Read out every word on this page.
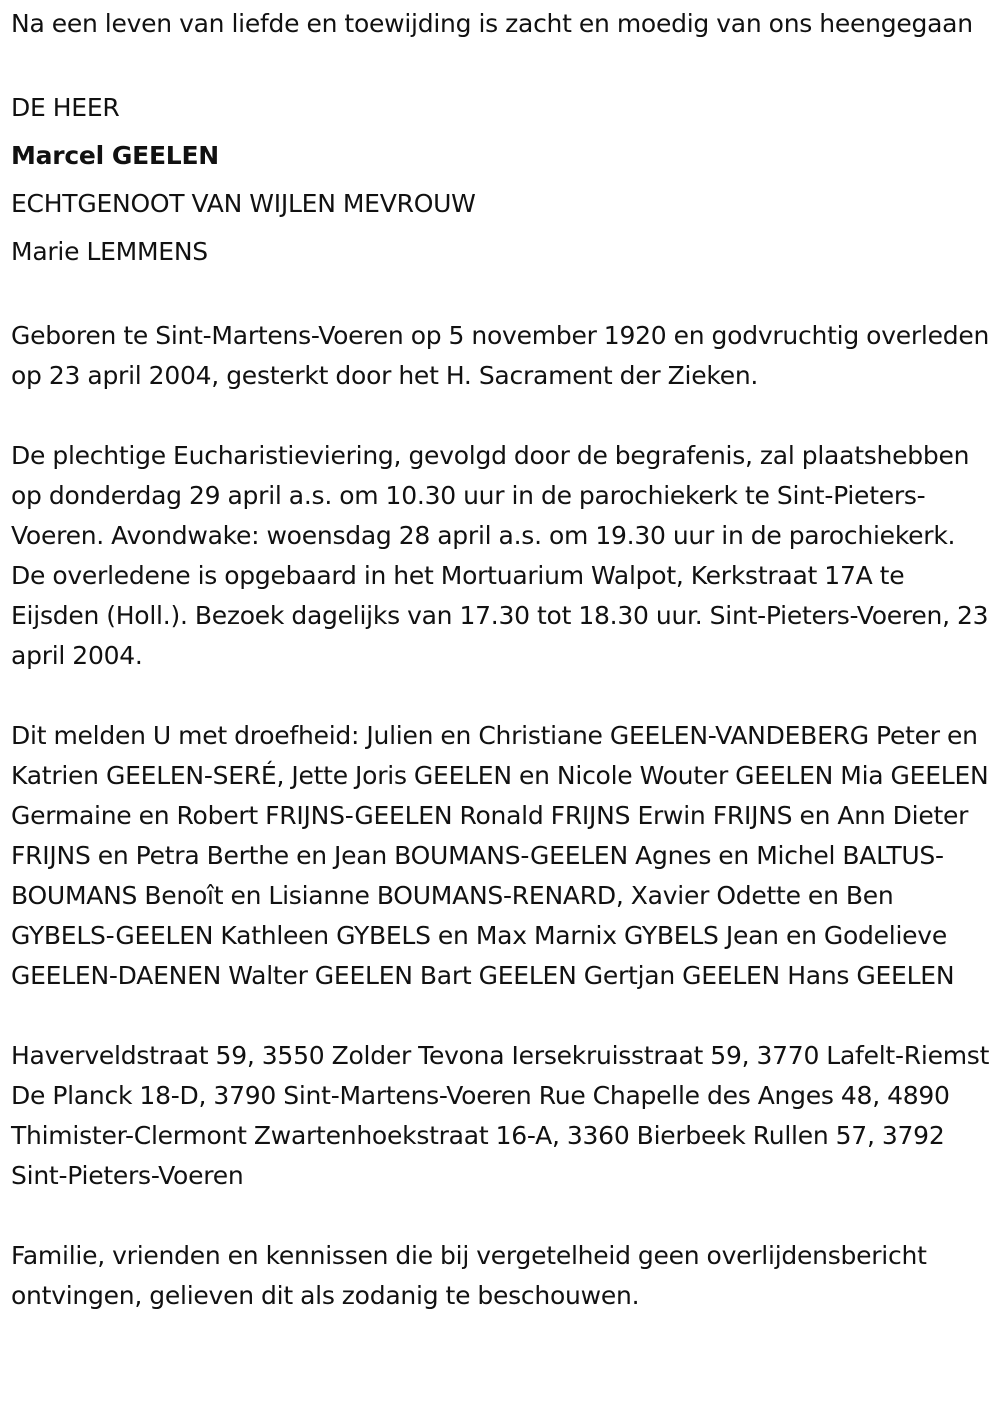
Na een leven van liefde en toewijding is zacht en moedig van ons heengegaan

DE HEER

Marcel GEELEN

ECHTGENOOT VAN WIJLEN MEVROUW

Marie LEMMENS

Geboren te Sint-Martens-Voeren op 5 november 1920 en godvruchtig overleden op 23 april 2004, gesterkt door het H. Sacrament der Zieken.

De plechtige Eucharistieviering, gevolgd door de begrafenis, zal plaatshebben op donderdag 29 april a.s. om 10.30 uur in de parochiekerk te Sint-Pieters-Voeren. Avondwake: woensdag 28 april a.s. om 19.30 uur in de parochiekerk. De overledene is opgebaard in het Mortuarium Walpot, Kerkstraat 17A te Eijsden (Holl.). Bezoek dagelijks van 17.30 tot 18.30 uur. Sint-Pieters-Voeren, 23 april 2004.

Dit melden U met droefheid: Julien en Christiane GEELEN-VANDEBERG Peter en Katrien GEELEN-SERÉ, Jette Joris GEELEN en Nicole Wouter GEELEN Mia GEELEN Germaine en Robert FRIJNS-GEELEN Ronald FRIJNS Erwin FRIJNS en Ann Dieter FRIJNS en Petra Berthe en Jean BOUMANS-GEELEN Agnes en Michel BALTUS-BOUMANS Benoît en Lisianne BOUMANS-RENARD, Xavier Odette en Ben GYBELS-GEELEN Kathleen GYBELS en Max Marnix GYBELS Jean en Godelieve GEELEN-DAENEN Walter GEELEN Bart GEELEN Gertjan GEELEN Hans GEELEN

Haverveldstraat 59, 3550 Zolder Tevona Iersekruisstraat 59, 3770 Lafelt-Riemst De Planck 18-D, 3790 Sint-Martens-Voeren Rue Chapelle des Anges 48, 4890 Thimister-Clermont Zwartenhoekstraat 16-A, 3360 Bierbeek Rullen 57, 3792 Sint-Pieters-Voeren

Familie, vrienden en kennissen die bij vergetelheid geen overlijdensbericht ontvingen, gelieven dit als zodanig te beschouwen.
